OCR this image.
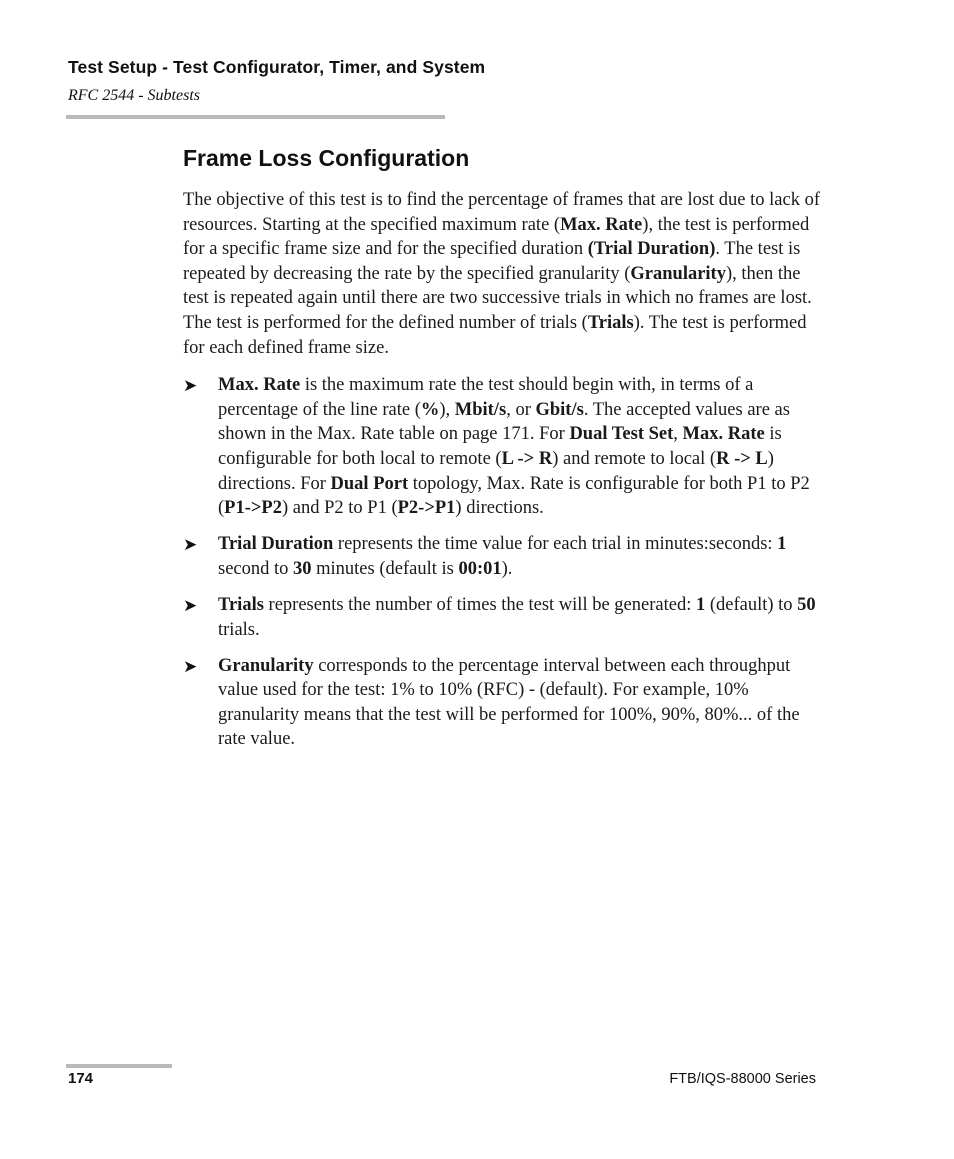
Test Setup - Test Configurator, Timer, and System
RFC 2544 - Subtests
Frame Loss Configuration

The objective of this test is to find the percentage of frames that are lost due to lack of resources. Starting at the specified maximum rate (Max. Rate), the test is performed for a specific frame size and for the specified duration (Trial Duration). The test is repeated by decreasing the rate by the specified granularity (Granularity), then the test is repeated again until there are two successive trials in which no frames are lost. The test is performed for the defined number of trials (Trials). The test is performed for each defined frame size.

➤ Max. Rate is the maximum rate the test should begin with, in terms of a percentage of the line rate (%), Mbit/s, or Gbit/s. The accepted values are as shown in the Max. Rate table on page 171. For Dual Test Set, Max. Rate is configurable for both local to remote (L -> R) and remote to local (R -> L) directions. For Dual Port topology, Max. Rate is configurable for both P1 to P2 (P1->P2) and P2 to P1 (P2->P1) directions.
➤ Trial Duration represents the time value for each trial in minutes:seconds: 1 second to 30 minutes (default is 00:01).
➤ Trials represents the number of times the test will be generated: 1 (default) to 50 trials.
➤ Granularity corresponds to the percentage interval between each throughput value used for the test: 1% to 10% (RFC) - (default). For example, 10% granularity means that the test will be performed for 100%, 90%, 80%... of the rate value.
174	FTB/IQS-88000 Series
